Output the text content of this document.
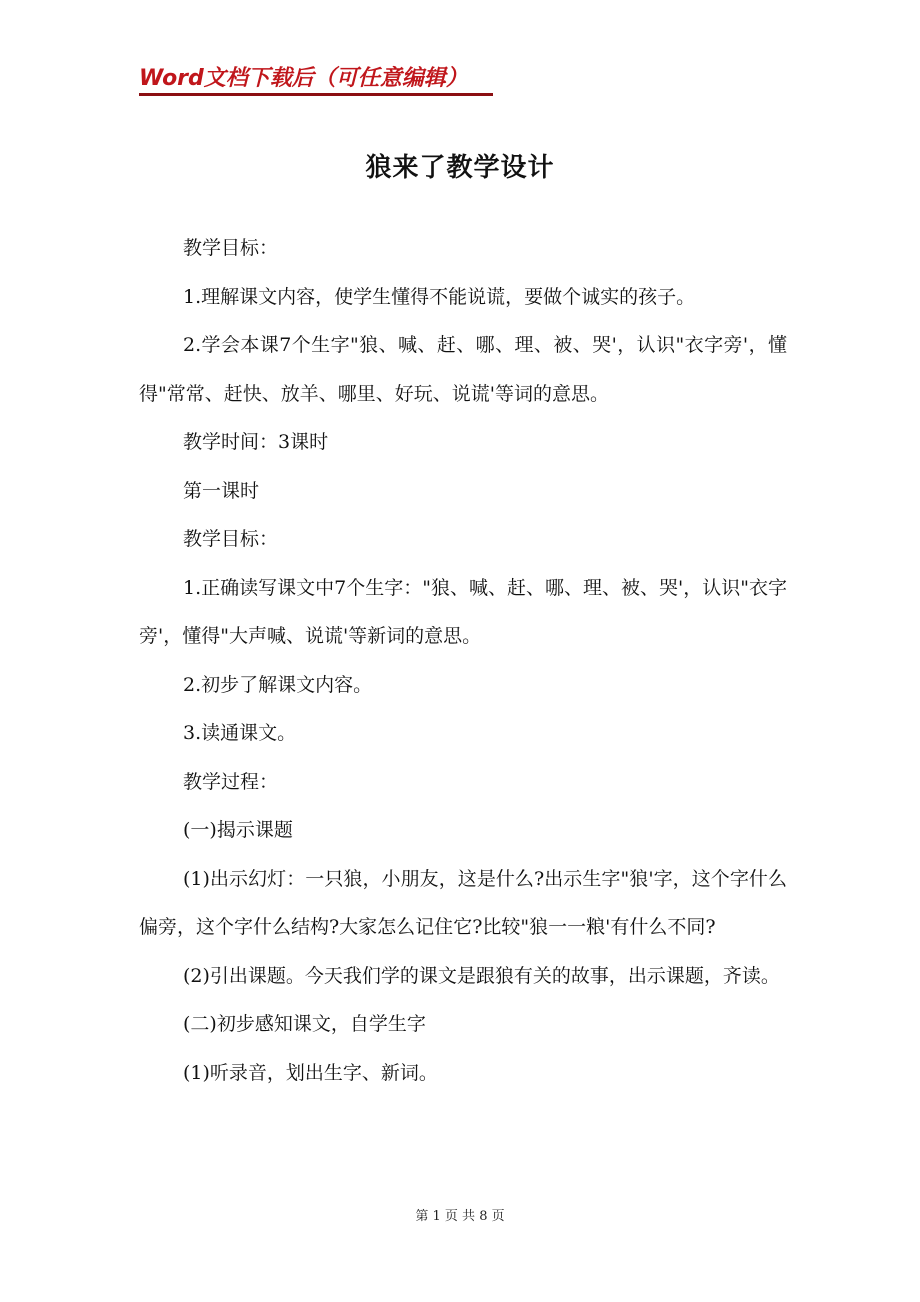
Word文档下载后（可任意编辑）
狼来了教学设计

教学目标：

1.理解课文内容，使学生懂得不能说谎，要做个诚实的孩子。

2.学会本课7个生字"狼、喊、赶、哪、理、被、哭'，认识"衣字旁'，懂得"常常、赶快、放羊、哪里、好玩、说谎'等词的意思。

教学时间：3课时

第一课时

教学目标：

1.正确读写课文中7个生字："狼、喊、赶、哪、理、被、哭'，认识"衣字旁'，懂得"大声喊、说谎'等新词的意思。

2.初步了解课文内容。

3.读通课文。

教学过程：

(一)揭示课题

(1)出示幻灯：一只狼，小朋友，这是什么?出示生字"狼'字，这个字什么偏旁，这个字什么结构?大家怎么记住它?比较"狼一一粮'有什么不同?

(2)引出课题。今天我们学的课文是跟狼有关的故事，出示课题，齐读。

(二)初步感知课文，自学生字

(1)听录音，划出生字、新词。

第 1 页 共 8 页
